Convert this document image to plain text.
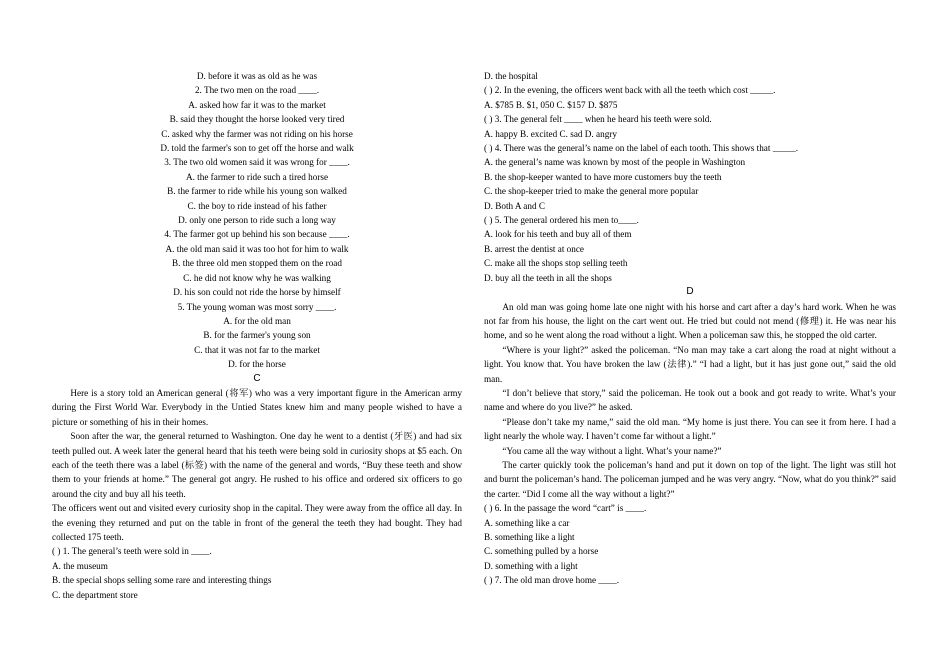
D. before it was as old as he was

2. The two men on the road ____.

A. asked how far it was to the market

B. said they thought the horse looked very tired

C. asked why the farmer was not riding on his horse

D. told the farmer's son to get off the horse and walk

3. The two old women said it was wrong for ____.

A. the farmer to ride such a tired horse

B. the farmer to ride while his young son walked

C. the boy to ride instead of his father

D. only one person to ride such a long way

4. The farmer got up behind his son because ____.

A. the old man said it was too hot for him to walk

B. the three old men stopped them on the road

C. he did not know why he was walking

D. his son could not ride the horse by himself

5. The young woman was most sorry ____.

A. for the old man

B. for the farmer's young son

C. that it was not far to the market

D. for the horse

C

Here is a story told an American general (将军) who was a very important figure in the American army during the First World War. Everybody in the Untied States knew him and many people wished to have a picture or something of his in their homes.

Soon after the war, the general returned to Washington. One day he went to a dentist (牙医) and had six teeth pulled out. A week later the general heard that his teeth were being sold in curiosity shops at $5 each. On each of the teeth there was a label (标签) with the name of the general and words, “Buy these teeth and show them to your friends at home.” The general got angry. He rushed to his office and ordered six officers to go around the city and buy all his teeth.

The officers went out and visited every curiosity shop in the capital. They were away from the office all day. In the evening they returned and put on the table in front of the general the teeth they had bought. They had collected 175 teeth.

( ) 1. The general’s teeth were sold in ____.

A. the museum

B. the special shops selling some rare and interesting things

C. the department store

D. the hospital

( ) 2. In the evening, the officers went back with all the teeth which cost _____.

A. $785 B. $1, 050 C. $157 D. $875

( ) 3. The general felt ____ when he heard his teeth were sold.

A. happy B. excited C. sad D. angry

( ) 4. There was the general’s name on the label of each tooth. This shows that _____.

A. the general’s name was known by most of the people in Washington

B. the shop-keeper wanted to have more customers buy the teeth

C. the shop-keeper tried to make the general more popular

D. Both A and C

( ) 5. The general ordered his men to____.

A. look for his teeth and buy all of them

B. arrest the dentist at once

C. make all the shops stop selling teeth

D. buy all the teeth in all the shops

D

An old man was going home late one night with his horse and cart after a day’s hard work. When he was not far from his house, the light on the cart went out. He tried but could not mend (修理) it. He was near his home, and so he went along the road without a light. When a policeman saw this, he stopped the old carter.

“Where is your light?” asked the policeman. “No man may take a cart along the road at night without a light. You know that. You have broken the law (法律).” “I had a light, but it has just gone out,” said the old man.

“I don’t believe that story,” said the policeman. He took out a book and got ready to write. What’s your name and where do you live?” he asked.

“Please don’t take my name,” said the old man. “My home is just there. You can see it from here. I had a light nearly the whole way. I haven’t come far without a light.”

“You came all the way without a light. What’s your name?”

The carter quickly took the policeman’s hand and put it down on top of the light. The light was still hot and burnt the policeman’s hand. The policeman jumped and he was very angry. “Now, what do you think?” said the carter. “Did I come all the way without a light?”

( ) 6. In the passage the word “cart” is ____.

A. something like a car

B. something like a light

C. something pulled by a horse

D. something with a light

( ) 7. The old man drove home ____.
